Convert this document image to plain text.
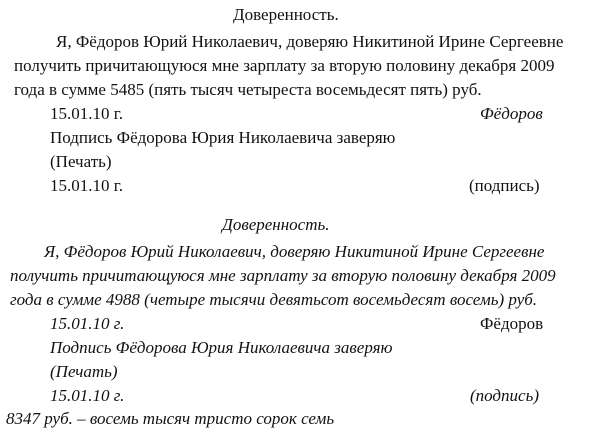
Доверенность.
Я, Фёдоров Юрий Николаевич, доверяю Никитиной Ирине Сергеевне
получить причитающуюся мне зарплату за вторую половину декабря 2009
года в сумме 5485 (пять тысяч четыреста восемьдесят пять) руб.
15.01.10 г.	Фёдоров
Подпись Фёдорова Юрия Николаевича заверяю
(Печать)
15.01.10 г.	(подпись)
Доверенность.
Я, Фёдоров Юрий Николаевич, доверяю Никитиной Ирине Сергеевне
получить причитающуюся мне зарплату за вторую половину декабря 2009
года в сумме 4988 (четыре тысячи девятьсот восемьдесят восемь) руб.
15.01.10 г.	Фёдоров
Подпись Фёдорова Юрия Николаевича заверяю
(Печать)
15.01.10 г.	(подпись)
8347 руб. – восемь тысяч тристо сорок семь
